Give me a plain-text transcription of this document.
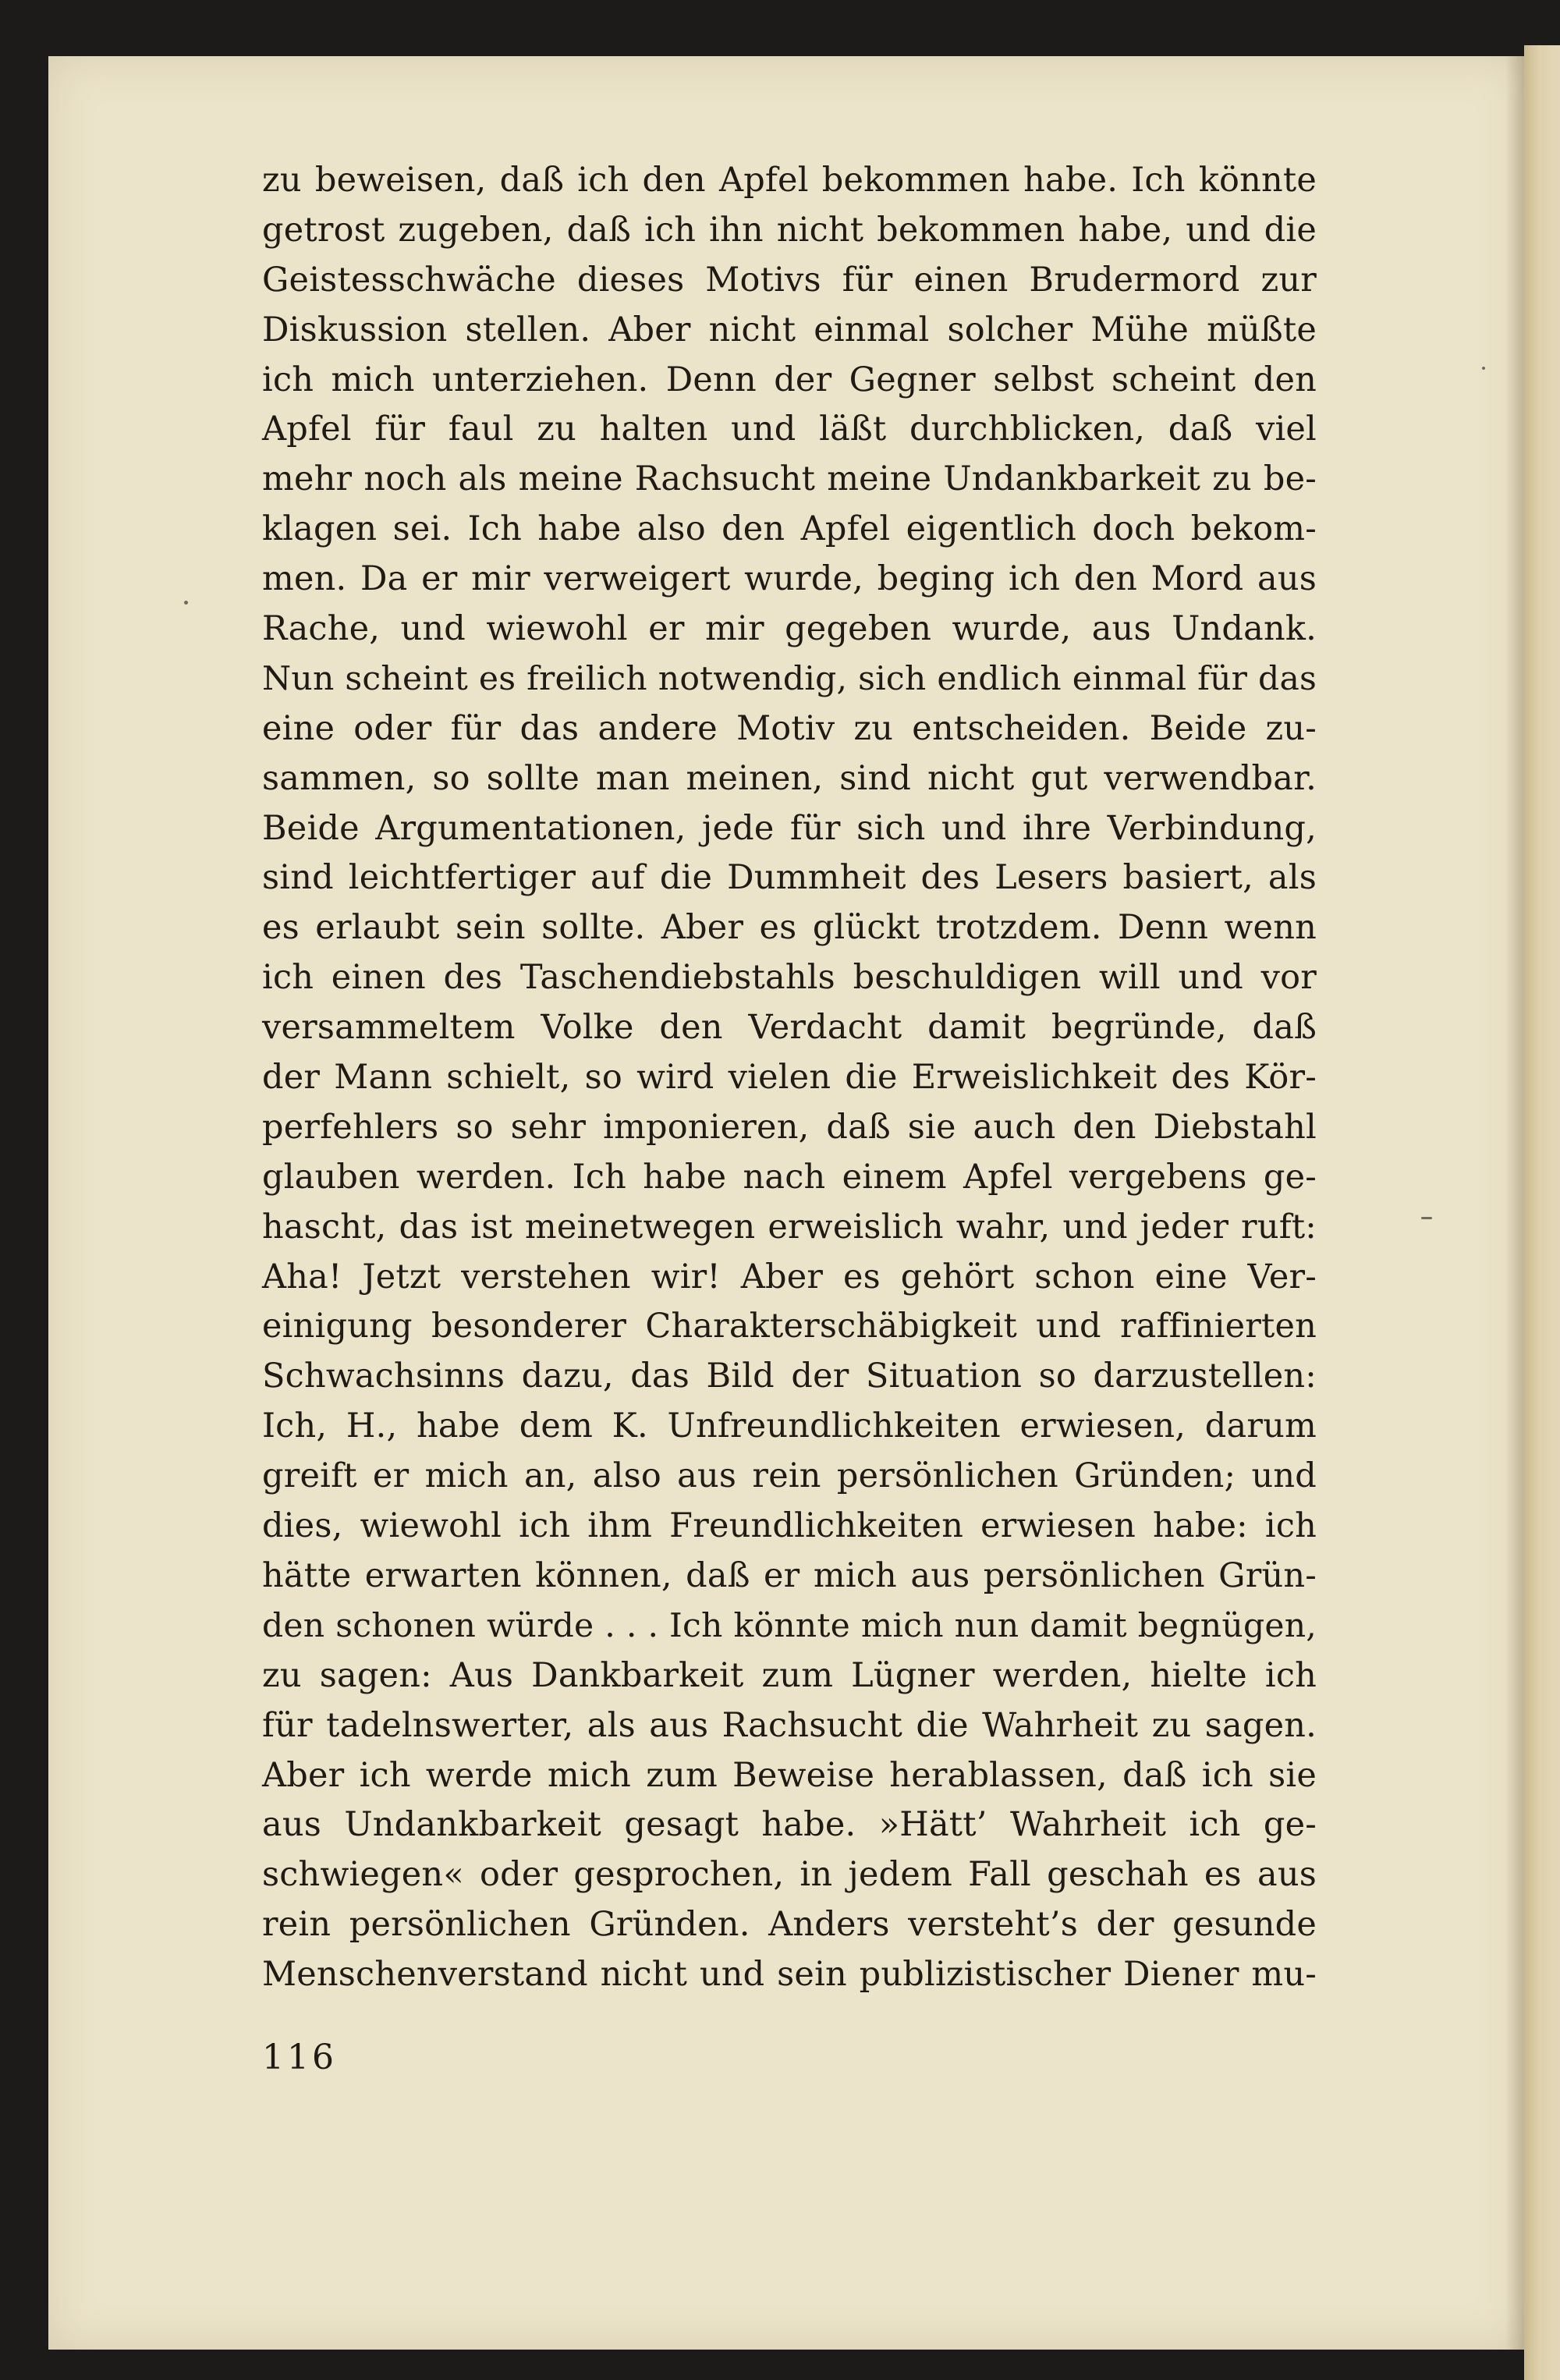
zu beweisen, daß ich den Apfel bekommen habe. Ich könnte
getrost zugeben, daß ich ihn nicht bekommen habe, und die
Geistesschwäche dieses Motivs für einen Brudermord zur
Diskussion stellen. Aber nicht einmal solcher Mühe müßte
ich mich unterziehen. Denn der Gegner selbst scheint den
Apfel für faul zu halten und läßt durchblicken, daß viel
mehr noch als meine Rachsucht meine Undankbarkeit zu be-
klagen sei. Ich habe also den Apfel eigentlich doch bekom-
men. Da er mir verweigert wurde, beging ich den Mord aus
Rache, und wiewohl er mir gegeben wurde, aus Undank.
Nun scheint es freilich notwendig, sich endlich einmal für das
eine oder für das andere Motiv zu entscheiden. Beide zu-
sammen, so sollte man meinen, sind nicht gut verwendbar.
Beide Argumentationen, jede für sich und ihre Verbindung,
sind leichtfertiger auf die Dummheit des Lesers basiert, als
es erlaubt sein sollte. Aber es glückt trotzdem. Denn wenn
ich einen des Taschendiebstahls beschuldigen will und vor
versammeltem Volke den Verdacht damit begründe, daß
der Mann schielt, so wird vielen die Erweislichkeit des Kör-
perfehlers so sehr imponieren, daß sie auch den Diebstahl
glauben werden. Ich habe nach einem Apfel vergebens ge-
hascht, das ist meinetwegen erweislich wahr, und jeder ruft:
Aha! Jetzt verstehen wir! Aber es gehört schon eine Ver-
einigung besonderer Charakterschäbigkeit und raffinierten
Schwachsinns dazu, das Bild der Situation so darzustellen:
Ich, H., habe dem K. Unfreundlichkeiten erwiesen, darum
greift er mich an, also aus rein persönlichen Gründen; und
dies, wiewohl ich ihm Freundlichkeiten erwiesen habe: ich
hätte erwarten können, daß er mich aus persönlichen Grün-
den schonen würde . . . Ich könnte mich nun damit begnügen,
zu sagen: Aus Dankbarkeit zum Lügner werden, hielte ich
für tadelnswerter, als aus Rachsucht die Wahrheit zu sagen.
Aber ich werde mich zum Beweise herablassen, daß ich sie
aus Undankbarkeit gesagt habe. »Hätt’ Wahrheit ich ge-
schwiegen« oder gesprochen, in jedem Fall geschah es aus
rein persönlichen Gründen. Anders versteht’s der gesunde
Menschenverstand nicht und sein publizistischer Diener mu-
116
